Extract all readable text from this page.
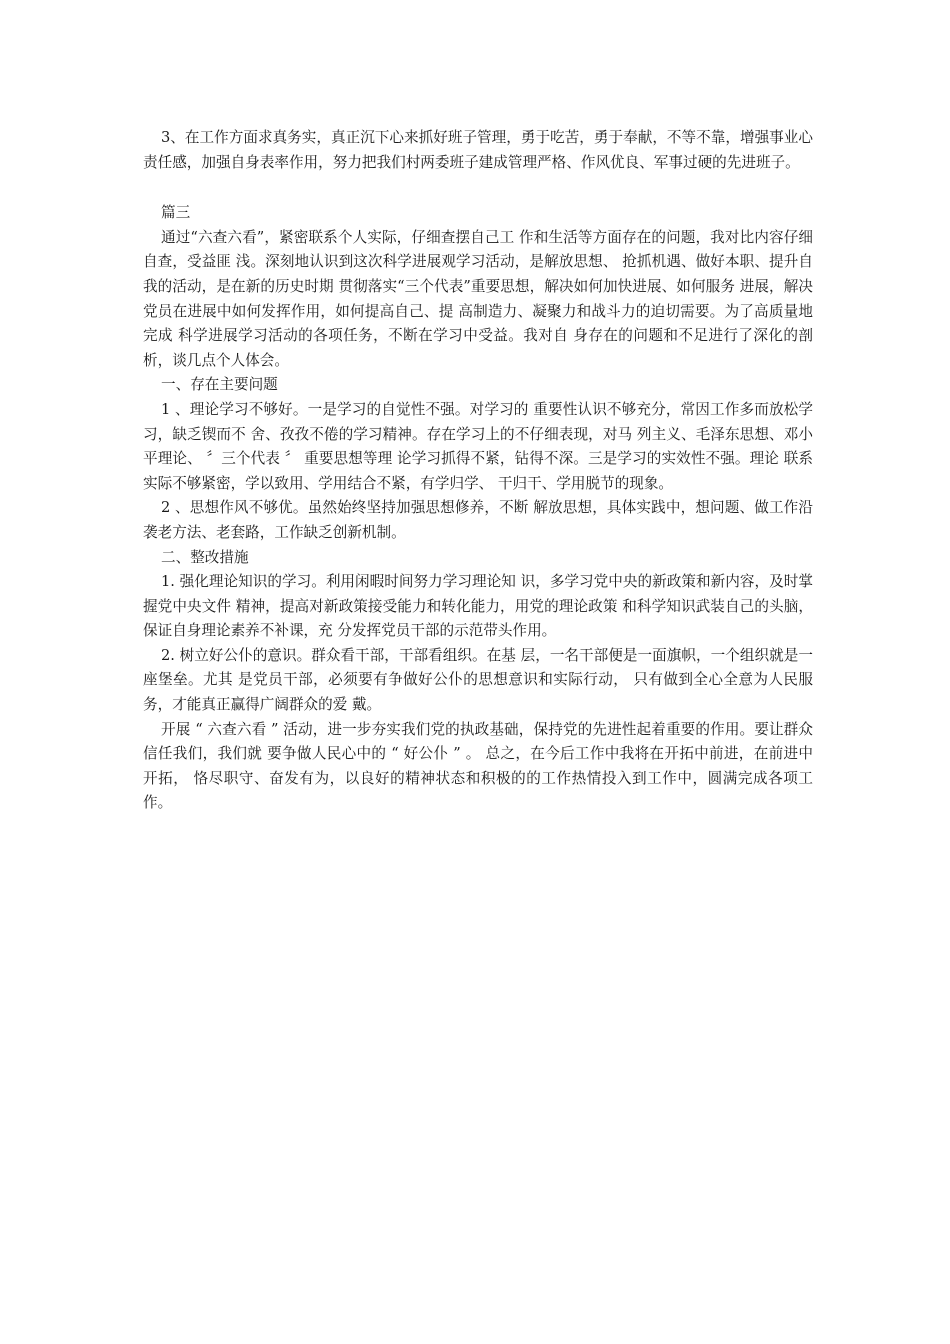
3、在工作方面求真务实，真正沉下心来抓好班子管理，勇于吃苦，勇于奉献，不等不靠，增强事业心责任感，加强自身表率作用，努力把我们村两委班子建成管理严格、作风优良、军事过硬的先进班子。

篇三

通过“六查六看”，紧密联系个人实际，仔细查摆自己工 作和生活等方面存在的问题，我对比内容仔细自查，受益匪 浅。深刻地认识到这次科学进展观学习活动，是解放思想、 抢抓机遇、做好本职、提升自我的活动，是在新的历史时期 贯彻落实“三个代表”重要思想，解决如何加快进展、如何服务 进展，解决党员在进展中如何发挥作用，如何提高自己、提 高制造力、凝聚力和战斗力的迫切需要。为了高质量地完成 科学进展学习活动的各项任务，不断在学习中受益。我对自 身存在的问题和不足进行了深化的剖析，谈几点个人体会。

一、存在主要问题

1 、理论学习不够好。一是学习的自觉性不强。对学习的 重要性认识不够充分，常因工作多而放松学习，缺乏锲而不 舍、孜孜不倦的学习精神。存在学习上的不仔细表现，对马 列主义、毛泽东思想、邓小平理论、 〞三个代表 〞 重要思想等理 论学习抓得不紧，钻得不深。三是学习的实效性不强。理论 联系实际不够紧密，学以致用、学用结合不紧，有学归学、 干归干、学用脱节的现象。

2 、思想作风不够优。虽然始终坚持加强思想修养，不断 解放思想，具体实践中，想问题、做工作沿袭老方法、老套路，工作缺乏创新机制。

二、整改措施

1. 强化理论知识的学习。利用闲暇时间努力学习理论知 识，多学习党中央的新政策和新内容，及时掌握党中央文件 精神，提高对新政策接受能力和转化能力，用党的理论政策 和科学知识武装自己的头脑，保证自身理论素养不补课，充 分发挥党员干部的示范带头作用。

2. 树立好公仆的意识。群众看干部，干部看组织。在基 层，一名干部便是一面旗帜，一个组织就是一座堡垒。尤其 是党员干部，必须要有争做好公仆的思想意识和实际行动， 只有做到全心全意为人民服务，才能真正赢得广阔群众的爱 戴。

开展 “ 六查六看 ” 活动，进一步夯实我们党的执政基础，保持党的先进性起着重要的作用。要让群众信任我们，我们就 要争做人民心中的 “ 好公仆 ” 。 总之，在今后工作中我将在开拓中前进，在前进中开拓， 恪尽职守、奋发有为，以良好的精神状态和积极的的工作热情投入到工作中，圆满完成各项工作。
